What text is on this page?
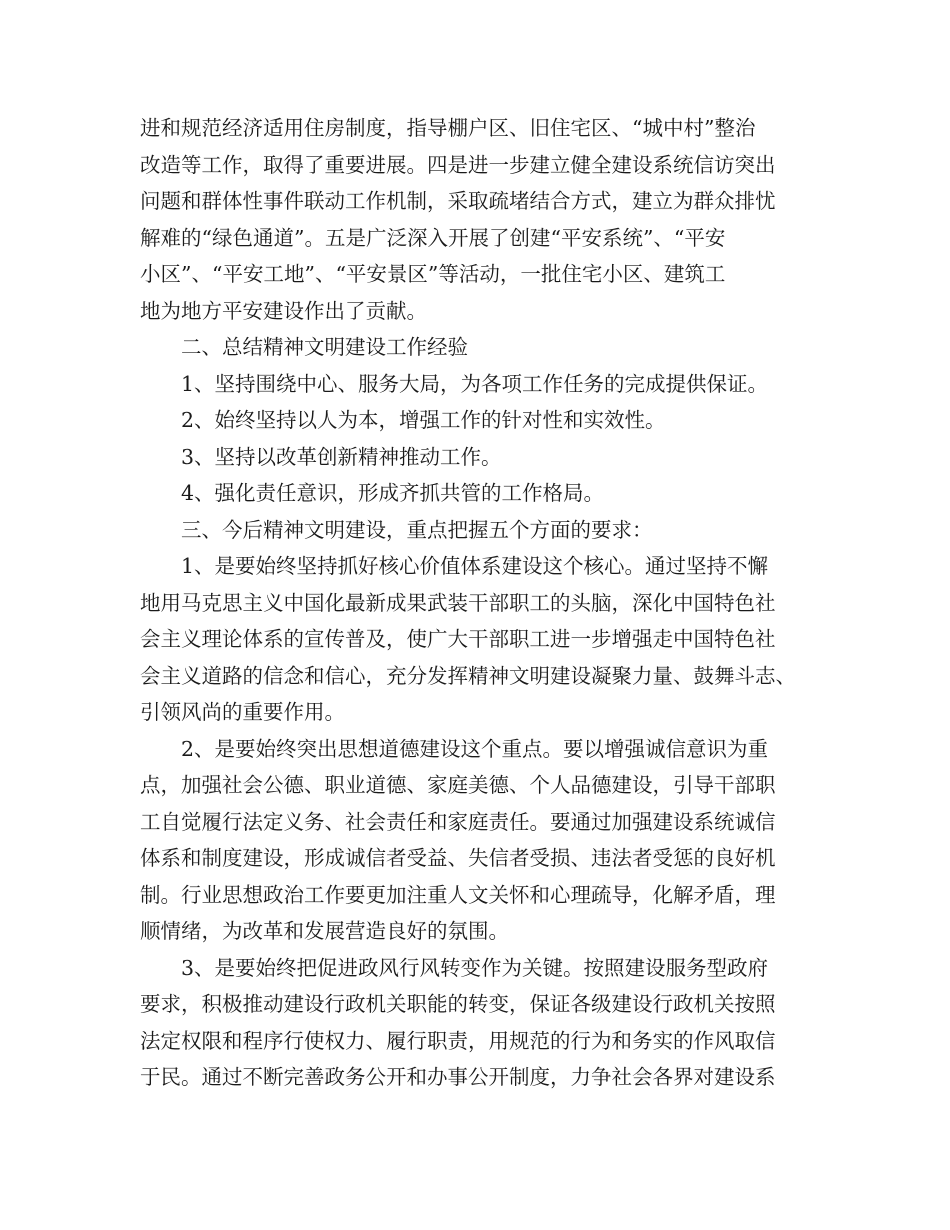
进和规范经济适用住房制度，指导棚户区、旧住宅区、“城中村”整治
改造等工作，取得了重要进展。四是进一步建立健全建设系统信访突出
问题和群体性事件联动工作机制，采取疏堵结合方式，建立为群众排忧
解难的“绿色通道”。五是广泛深入开展了创建“平安系统”、“平安
小区”、“平安工地”、“平安景区”等活动，一批住宅小区、建筑工
地为地方平安建设作出了贡献。
二、总结精神文明建设工作经验
1、坚持围绕中心、服务大局，为各项工作任务的完成提供保证。
2、始终坚持以人为本，增强工作的针对性和实效性。
3、坚持以改革创新精神推动工作。
4、强化责任意识，形成齐抓共管的工作格局。
三、今后精神文明建设，重点把握五个方面的要求：
1、是要始终坚持抓好核心价值体系建设这个核心。通过坚持不懈
地用马克思主义中国化最新成果武装干部职工的头脑，深化中国特色社
会主义理论体系的宣传普及，使广大干部职工进一步增强走中国特色社
会主义道路的信念和信心，充分发挥精神文明建设凝聚力量、鼓舞斗志、
引领风尚的重要作用。
2、是要始终突出思想道德建设这个重点。要以增强诚信意识为重
点，加强社会公德、职业道德、家庭美德、个人品德建设，引导干部职
工自觉履行法定义务、社会责任和家庭责任。要通过加强建设系统诚信
体系和制度建设，形成诚信者受益、失信者受损、违法者受惩的良好机
制。行业思想政治工作要更加注重人文关怀和心理疏导，化解矛盾，理
顺情绪，为改革和发展营造良好的氛围。
3、是要始终把促进政风行风转变作为关键。按照建设服务型政府
要求，积极推动建设行政机关职能的转变，保证各级建设行政机关按照
法定权限和程序行使权力、履行职责，用规范的行为和务实的作风取信
于民。通过不断完善政务公开和办事公开制度，力争社会各界对建设系
